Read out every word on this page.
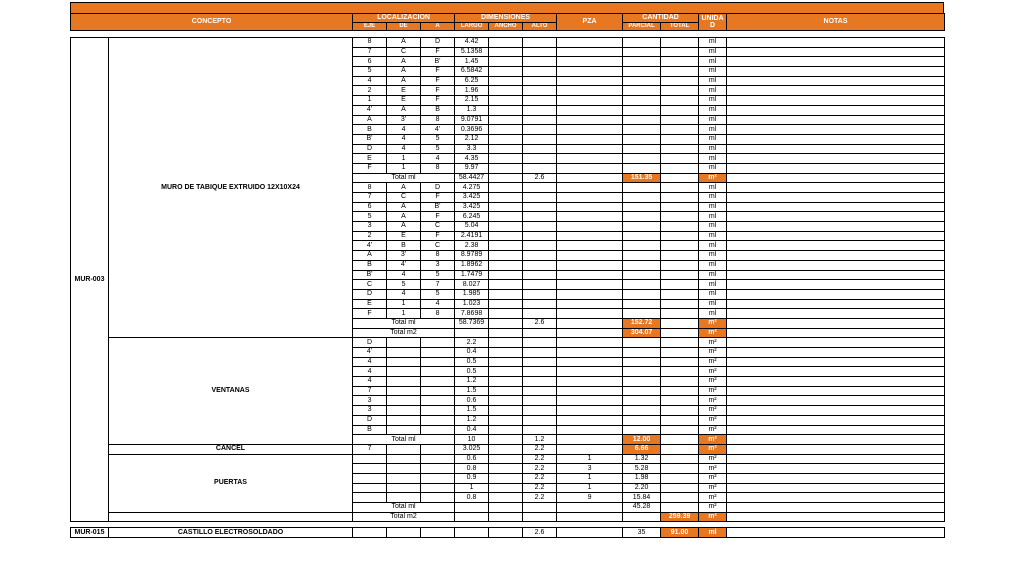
CONCEPTO		LOCALIZACIÓN			DIMENSIONES			PZA	CANTIDAD		UNIDA D	NOTAS
		EJE	DE	A	LARGO	ANCHO	ALTO		PARCIAL	TOTAL		

MUR-003	MURO DE TABIQUE EXTRUIDO 12X10X24	8	A	D	4.42						ml	
		7	C	F	5.1358						ml	
		6	A	B'	1.45						ml	
		5	A	F	6.5842						ml	
		4	A	F	6.25						ml	
		2	E	F	1.96						ml	
		1	E	F	2.15						ml	
		4'	A	B	1.3						ml	
		A	3'	8	9.0791						ml	
		B	4	4'	0.3696						ml	
		B'	4	5	2.12						ml	
		D	4	5	3.3						ml	
		E	1	4	4.35						ml	
		F	1	8	9.97						ml	
		Total ml			58.4427		2.6		151.35		m²	
		8	A	D	4.275						ml	
		7	C	F	3.425						ml	
		6	A	B'	3.425						ml	
		5	A	F	6.245						ml	
		3	A	C	5.04						ml	
		2	E	F	2.4191						ml	
		4'	B	C	2.38						ml	
		A	3'	8	8.9789						ml	
		B	4'	3	1.8962						ml	
		B'	4	5	1.7479						ml	
		C	5	7	8.027						ml	
		D	4	5	1.985						ml	
		E	1	4	1.023						ml	
		F	1	8	7.8698						ml	
		Total ml			58.7369		2.6		152.72		m²	
		Total m2							304.07		m²	
	VENTANAS	D			2.2						m²	
		4'			0.4						m²	
		4			0.5						m²	
		4			0.5						m²	
		4			1.2						m²	
		7			1.5						m²	
		3			0.6						m²	
		3			1.5						m²	
		D			1.2						m²	
		B			0.4						m²	
		Total ml			10		1.2		12.00		m²	
	CANCEL	7			3.025		2.2		6.66		m²	
	PUERTAS				0.6		2.2	1	1.32		m²	
					0.8		2.2	3	5.28		m²	
					0.9		2.2	1	1.98		m²	
					1		2.2	1	2.20		m²	
					0.8		2.2	9	15.84		m²	
		Total ml							45.28		m²	
		Total m2								259.39	m²	

MUR-015	CASTILLO ELECTROSOLDADO						2.6		35	91.00	ml	
